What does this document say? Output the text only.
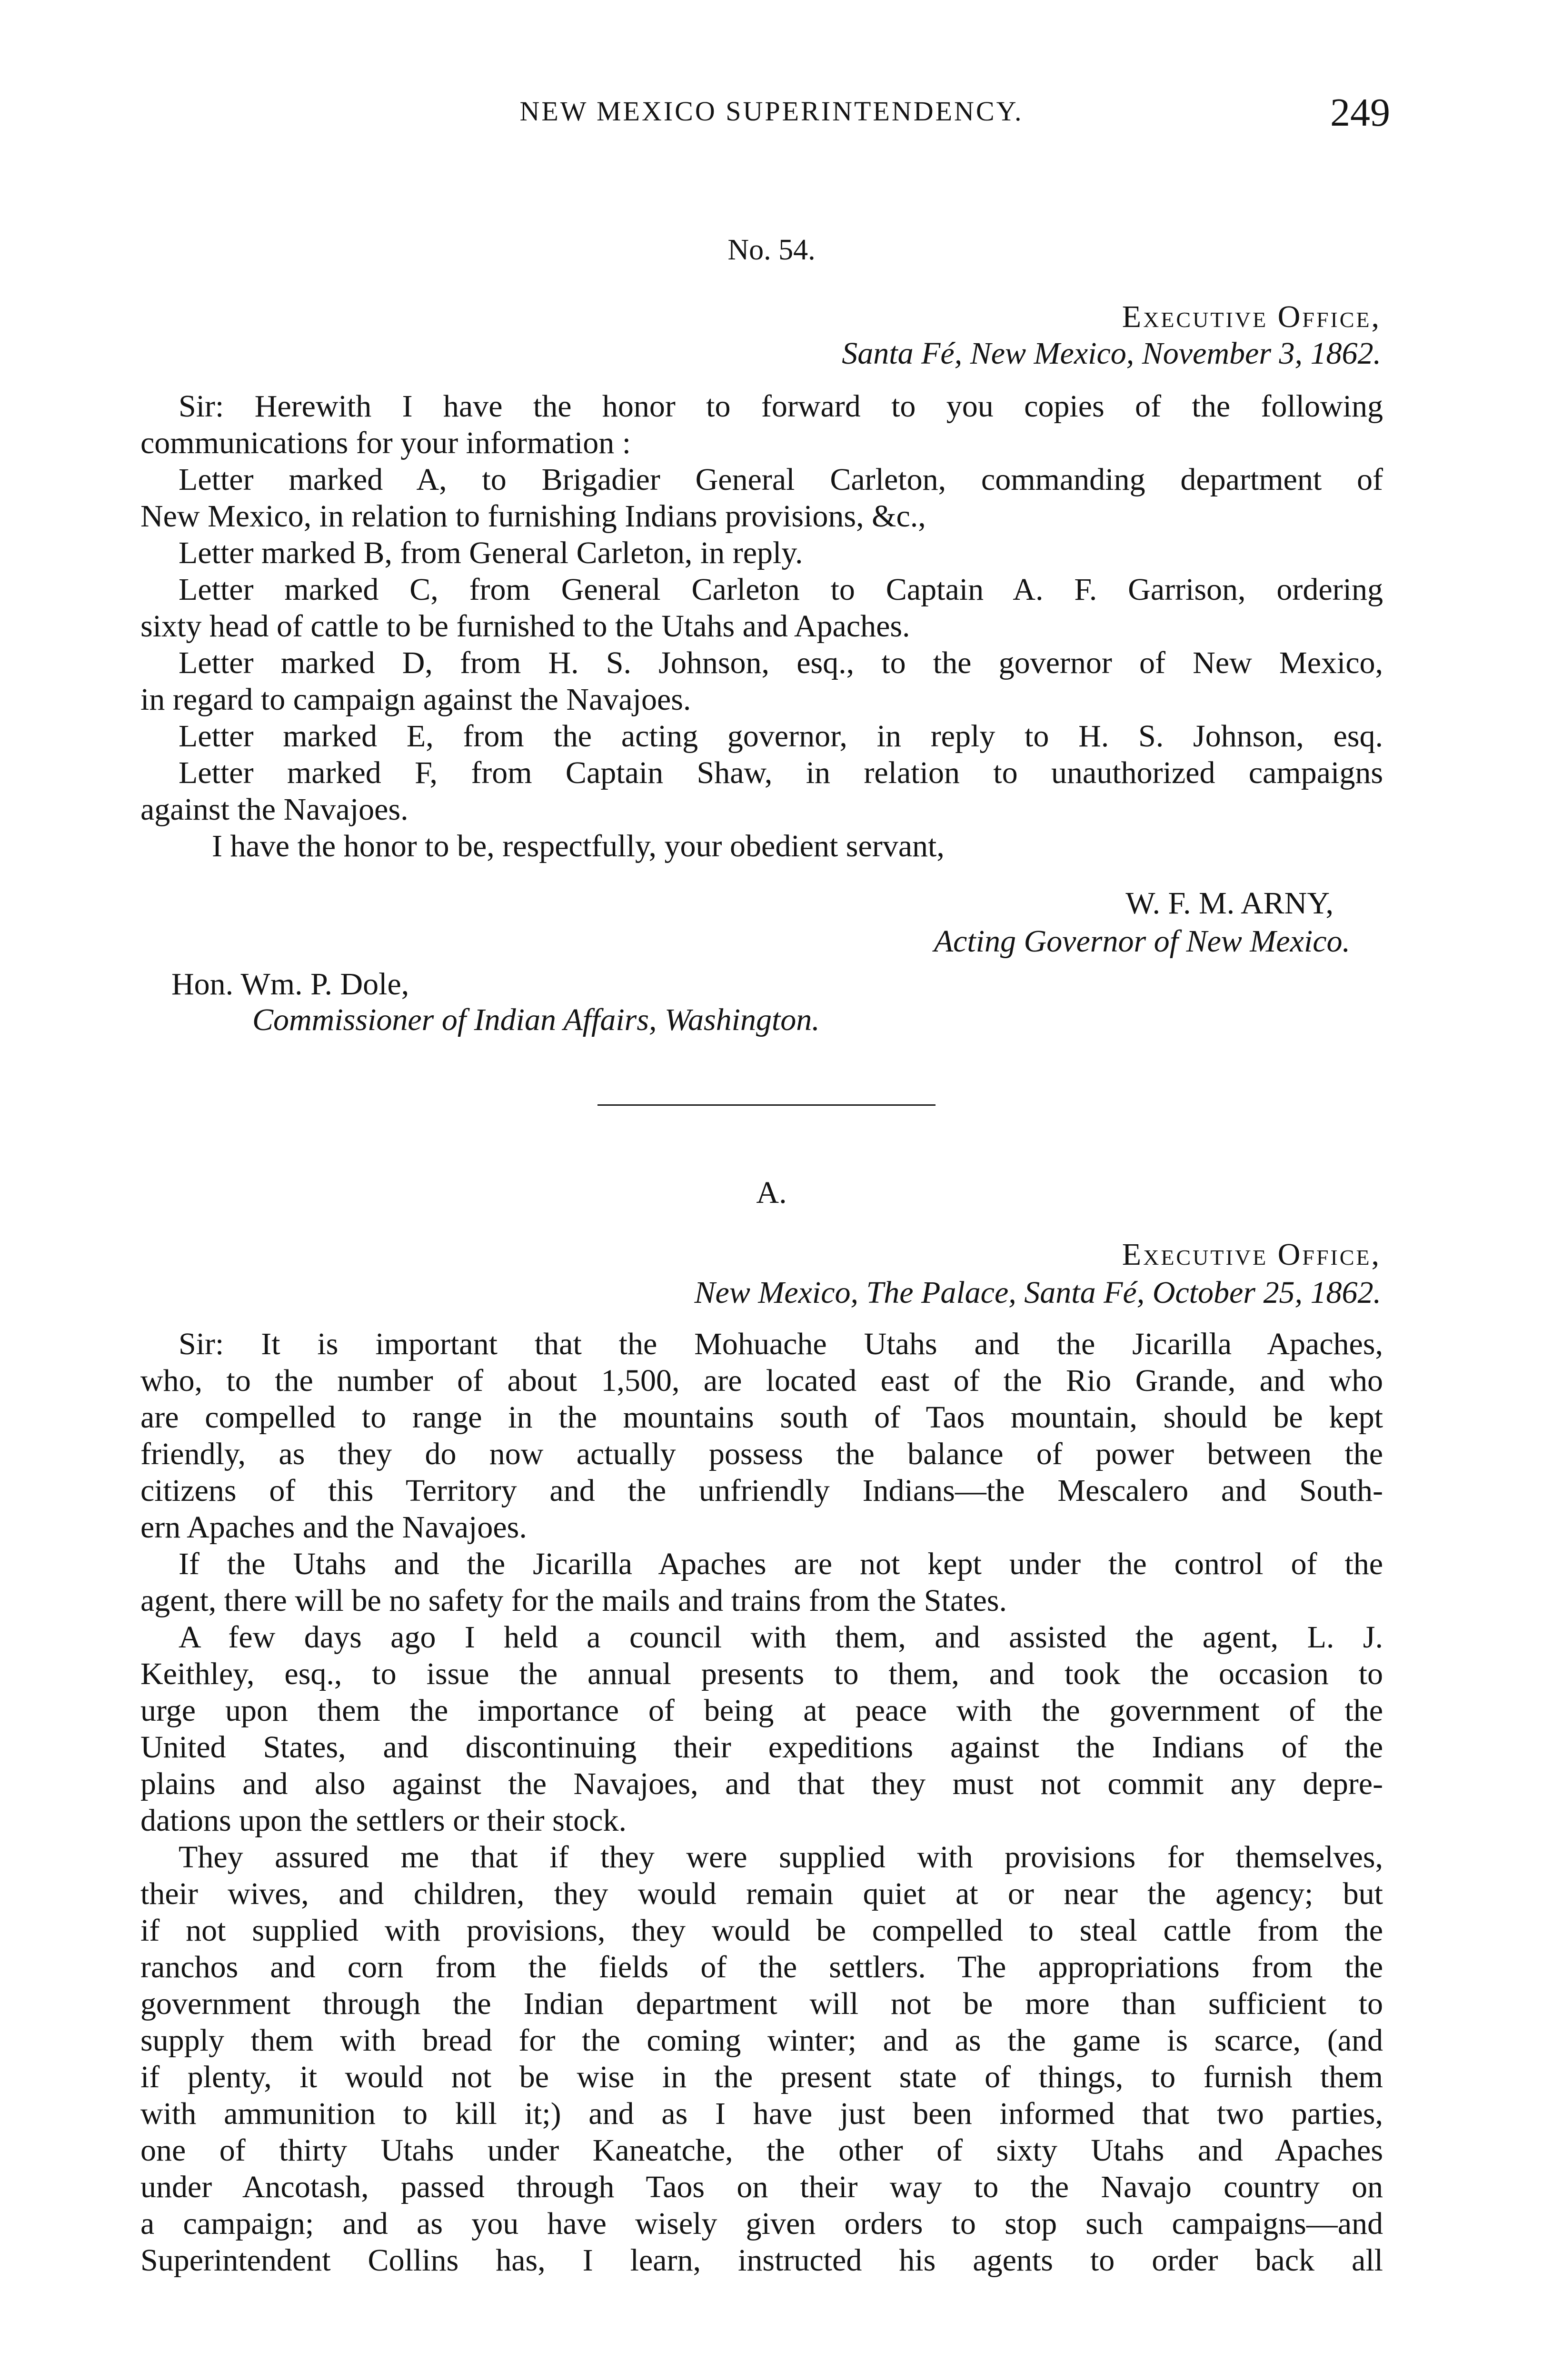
NEW MEXICO SUPERINTENDENCY.	249
No. 54.
Executive Office,
Santa Fé, New Mexico, November 3, 1862.
Sir: Herewith I have the honor to forward to you copies of the following
communications for your information :
Letter marked A, to Brigadier General Carleton, commanding department of
New Mexico, in relation to furnishing Indians provisions, &c.,
Letter marked B, from General Carleton, in reply.
Letter marked C, from General Carleton to Captain A. F. Garrison, ordering
sixty head of cattle to be furnished to the Utahs and Apaches.
Letter marked D, from H. S. Johnson, esq., to the governor of New Mexico,
in regard to campaign against the Navajoes.
Letter marked E, from the acting governor, in reply to H. S. Johnson, esq.
Letter marked F, from Captain Shaw, in relation to unauthorized campaigns
against the Navajoes.
I have the honor to be, respectfully, your obedient servant,
W. F. M. ARNY,
Acting Governor of New Mexico.
Hon. Wm. P. Dole,
Commissioner of Indian Affairs, Washington.
A.
Executive Office,
New Mexico, The Palace, Santa Fé, October 25, 1862.
Sir: It is important that the Mohuache Utahs and the Jicarilla Apaches,
who, to the number of about 1,500, are located east of the Rio Grande, and who
are compelled to range in the mountains south of Taos mountain, should be kept
friendly, as they do now actually possess the balance of power between the
citizens of this Territory and the unfriendly Indians—the Mescalero and South-
ern Apaches and the Navajoes.
If the Utahs and the Jicarilla Apaches are not kept under the control of the
agent, there will be no safety for the mails and trains from the States.
A few days ago I held a council with them, and assisted the agent, L. J.
Keithley, esq., to issue the annual presents to them, and took the occasion to
urge upon them the importance of being at peace with the government of the
United States, and discontinuing their expeditions against the Indians of the
plains and also against the Navajoes, and that they must not commit any depre-
dations upon the settlers or their stock.
They assured me that if they were supplied with provisions for themselves,
their wives, and children, they would remain quiet at or near the agency; but
if not supplied with provisions, they would be compelled to steal cattle from the
ranchos and corn from the fields of the settlers. The appropriations from the
government through the Indian department will not be more than sufficient to
supply them with bread for the coming winter; and as the game is scarce, (and
if plenty, it would not be wise in the present state of things, to furnish them
with ammunition to kill it;) and as I have just been informed that two parties,
one of thirty Utahs under Kaneatche, the other of sixty Utahs and Apaches
under Ancotash, passed through Taos on their way to the Navajo country on
a campaign; and as you have wisely given orders to stop such campaigns—and
Superintendent Collins has, I learn, instructed his agents to order back all
